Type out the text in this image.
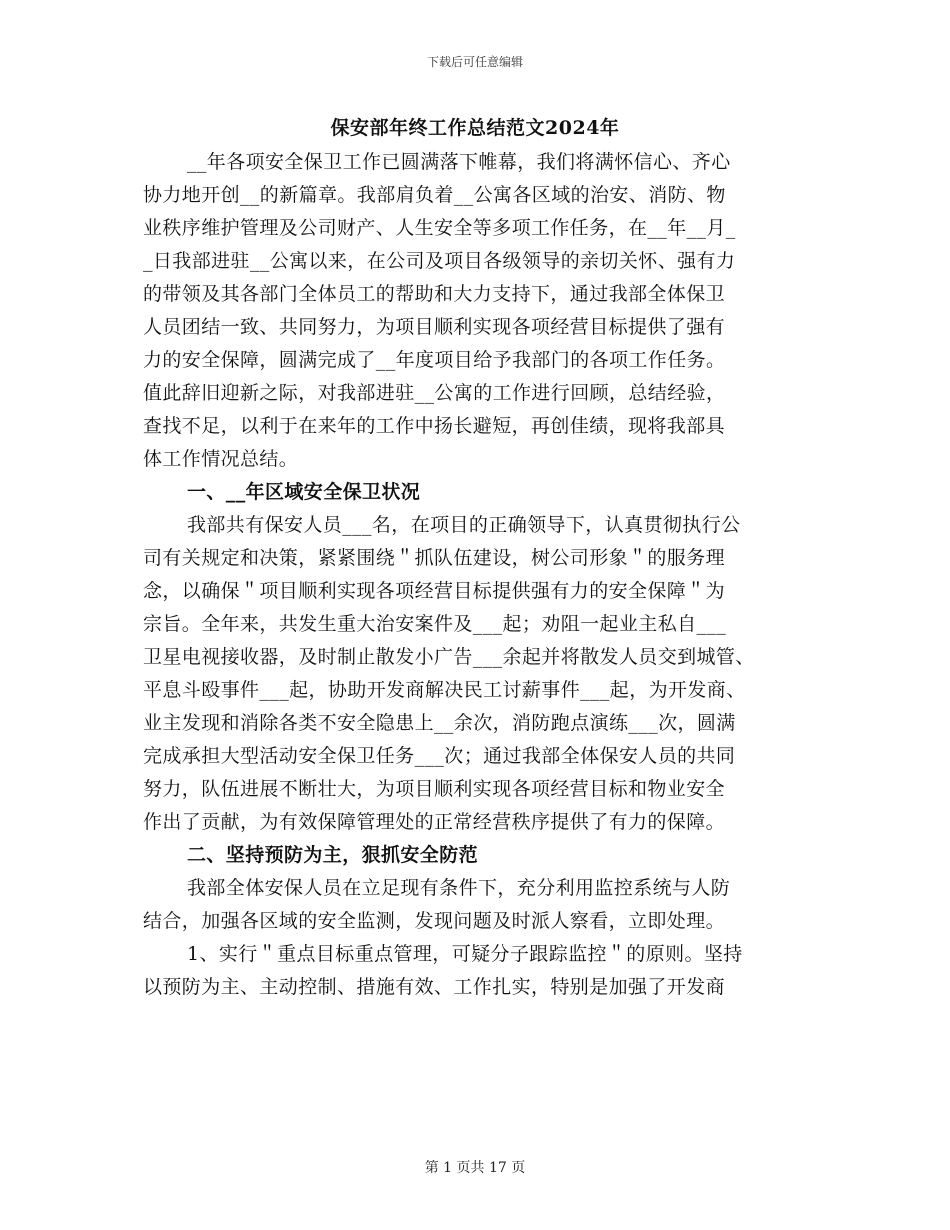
下载后可任意编辑
保安部年终工作总结范文2024年
__年各项安全保卫工作已圆满落下帷幕，我们将满怀信心、齐心
协力地开创__的新篇章。我部肩负着__公寓各区域的治安、消防、物
业秩序维护管理及公司财产、人生安全等多项工作任务，在__年__月_
_日我部进驻__公寓以来，在公司及项目各级领导的亲切关怀、强有力
的带领及其各部门全体员工的帮助和大力支持下，通过我部全体保卫
人员团结一致、共同努力，为项目顺利实现各项经营目标提供了强有
力的安全保障，圆满完成了__年度项目给予我部门的各项工作任务。
值此辞旧迎新之际，对我部进驻__公寓的工作进行回顾，总结经验，
查找不足，以利于在来年的工作中扬长避短，再创佳绩，现将我部具
体工作情况总结。
一、__年区域安全保卫状况
我部共有保安人员___名，在项目的正确领导下，认真贯彻执行公
司有关规定和决策，紧紧围绕＂抓队伍建设，树公司形象＂的服务理
念，以确保＂项目顺利实现各项经营目标提供强有力的安全保障＂为
宗旨。全年来，共发生重大治安案件及___起；劝阻一起业主私自___
卫星电视接收器，及时制止散发小广告___余起并将散发人员交到城管、
平息斗殴事件___起，协助开发商解决民工讨薪事件___起，为开发商、
业主发现和消除各类不安全隐患上__余次，消防跑点演练___次，圆满
完成承担大型活动安全保卫任务___次；通过我部全体保安人员的共同
努力，队伍进展不断壮大，为项目顺利实现各项经营目标和物业安全
作出了贡献，为有效保障管理处的正常经营秩序提供了有力的保障。
二、坚持预防为主，狠抓安全防范
我部全体安保人员在立足现有条件下，充分利用监控系统与人防
结合，加强各区域的安全监测，发现问题及时派人察看，立即处理。
1、实行＂重点目标重点管理，可疑分子跟踪监控＂的原则。坚持
以预防为主、主动控制、措施有效、工作扎实，特别是加强了开发商
第 1 页共 17 页
